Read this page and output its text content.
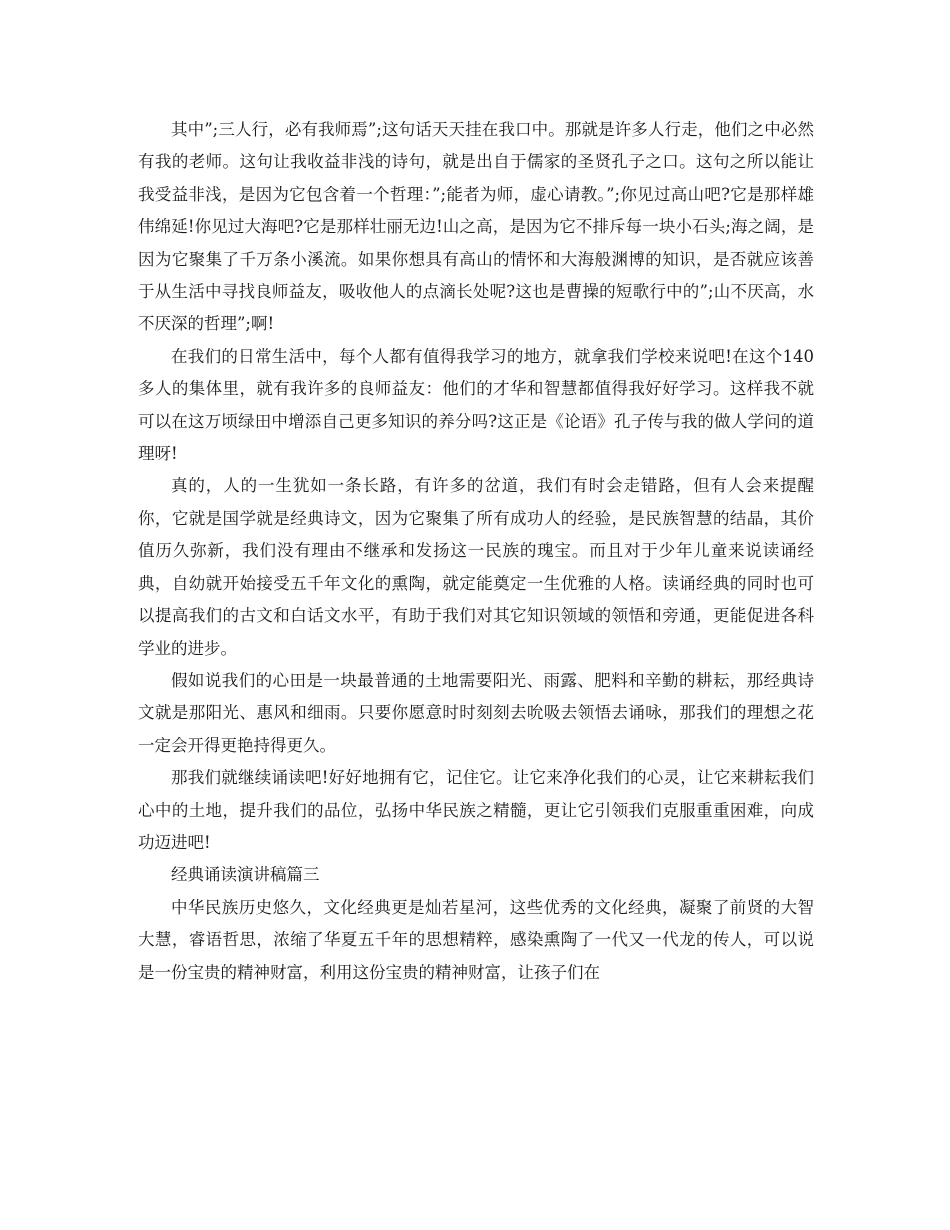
其中”;三人行，必有我师焉”;这句话天天挂在我口中。那就是许多人行走，他们之中必然有我的老师。这句让我收益非浅的诗句，就是出自于儒家的圣贤孔子之口。这句之所以能让我受益非浅，是因为它包含着一个哲理：”;能者为师，虚心请教。”;你见过高山吧?它是那样雄伟绵延!你见过大海吧?它是那样壮丽无边!山之高，是因为它不排斥每一块小石头;海之阔，是因为它聚集了千万条小溪流。如果你想具有高山的情怀和大海般渊博的知识，是否就应该善于从生活中寻找良师益友，吸收他人的点滴长处呢?这也是曹操的短歌行中的”;山不厌高，水不厌深的哲理”;啊!

在我们的日常生活中，每个人都有值得我学习的地方，就拿我们学校来说吧!在这个140多人的集体里，就有我许多的良师益友：他们的才华和智慧都值得我好好学习。这样我不就可以在这万顷绿田中增添自己更多知识的养分吗?这正是《论语》孔子传与我的做人学问的道理呀!

真的，人的一生犹如一条长路，有许多的岔道，我们有时会走错路，但有人会来提醒你，它就是国学就是经典诗文，因为它聚集了所有成功人的经验，是民族智慧的结晶，其价值历久弥新，我们没有理由不继承和发扬这一民族的瑰宝。而且对于少年儿童来说读诵经典，自幼就开始接受五千年文化的熏陶，就定能奠定一生优雅的人格。读诵经典的同时也可以提高我们的古文和白话文水平，有助于我们对其它知识领域的领悟和旁通，更能促进各科学业的进步。

假如说我们的心田是一块最普通的土地需要阳光、雨露、肥料和辛勤的耕耘，那经典诗文就是那阳光、惠风和细雨。只要你愿意时时刻刻去吮吸去领悟去诵咏，那我们的理想之花一定会开得更艳持得更久。

那我们就继续诵读吧!好好地拥有它，记住它。让它来净化我们的心灵，让它来耕耘我们心中的土地，提升我们的品位，弘扬中华民族之精髓，更让它引领我们克服重重困难，向成功迈进吧!

经典诵读演讲稿篇三

中华民族历史悠久，文化经典更是灿若星河，这些优秀的文化经典，凝聚了前贤的大智大慧，睿语哲思，浓缩了华夏五千年的思想精粹，感染熏陶了一代又一代龙的传人，可以说是一份宝贵的精神财富，利用这份宝贵的精神财富，让孩子们在
